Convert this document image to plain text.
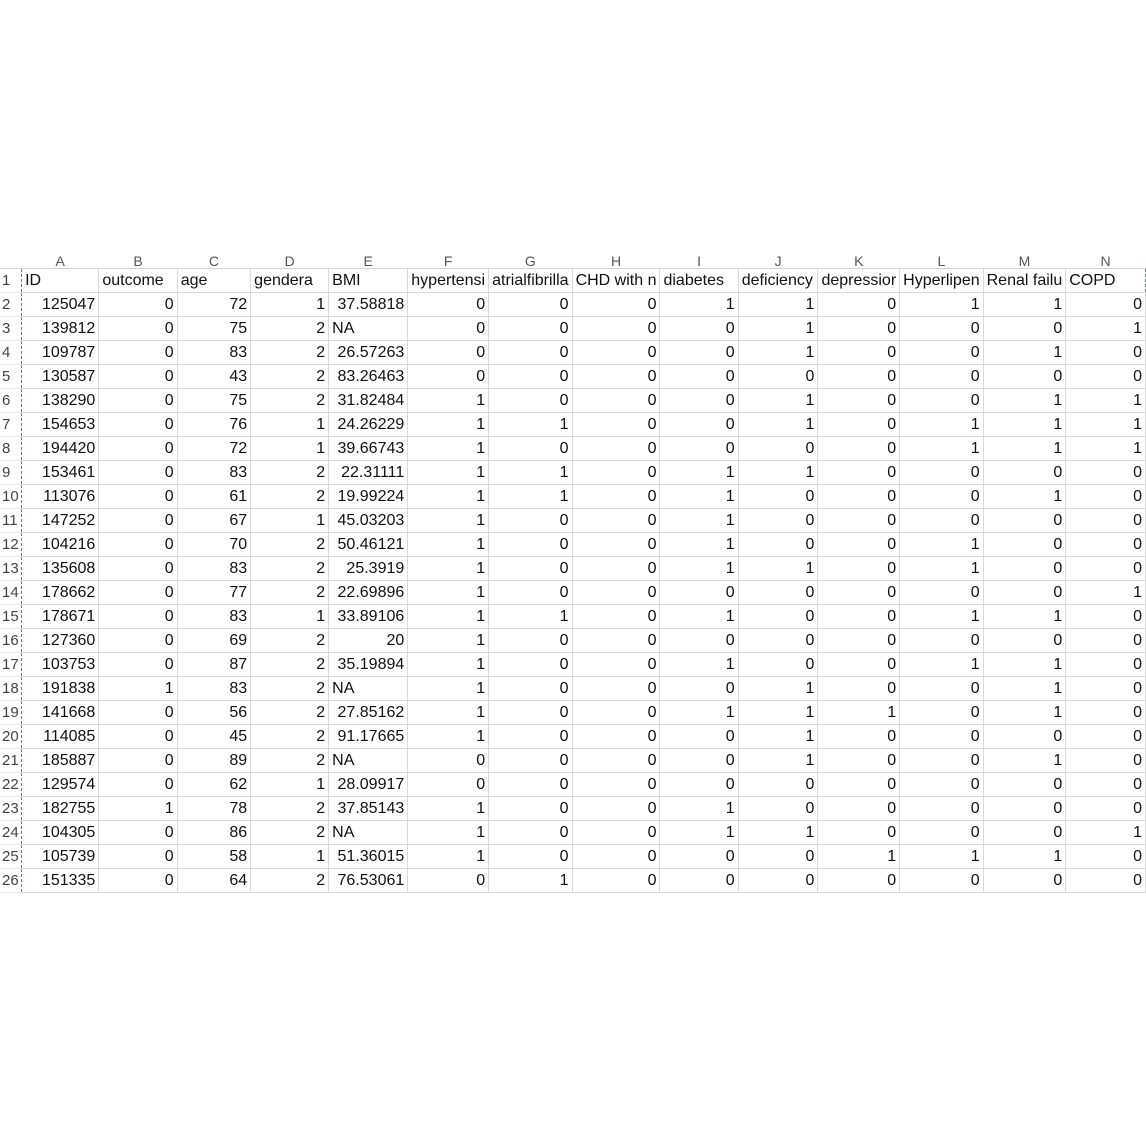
	A	B	C	D	E	F	G	H	I	J	K	L	M	N
1	ID	outcome	age	gendera	BMI	hypertensi	atrialfibrilla	CHD with n	diabetes	deficiency	depressior	Hyperlipen	Renal failu	COPD
2	125047	0	72	1	37.58818	0	0	0	1	1	0	1	1	0
3	139812	0	75	2	NA	0	0	0	0	1	0	0	0	1
4	109787	0	83	2	26.57263	0	0	0	0	1	0	0	1	0
5	130587	0	43	2	83.26463	0	0	0	0	0	0	0	0	0
6	138290	0	75	2	31.82484	1	0	0	0	1	0	0	1	1
7	154653	0	76	1	24.26229	1	1	0	0	1	0	1	1	1
8	194420	0	72	1	39.66743	1	0	0	0	0	0	1	1	1
9	153461	0	83	2	22.31111	1	1	0	1	1	0	0	0	0
10	113076	0	61	2	19.99224	1	1	0	1	0	0	0	1	0
11	147252	0	67	1	45.03203	1	0	0	1	0	0	0	0	0
12	104216	0	70	2	50.46121	1	0	0	1	0	0	1	0	0
13	135608	0	83	2	25.3919	1	0	0	1	1	0	1	0	0
14	178662	0	77	2	22.69896	1	0	0	0	0	0	0	0	1
15	178671	0	83	1	33.89106	1	1	0	1	0	0	1	1	0
16	127360	0	69	2	20	1	0	0	0	0	0	0	0	0
17	103753	0	87	2	35.19894	1	0	0	1	0	0	1	1	0
18	191838	1	83	2	NA	1	0	0	0	1	0	0	1	0
19	141668	0	56	2	27.85162	1	0	0	1	1	1	0	1	0
20	114085	0	45	2	91.17665	1	0	0	0	1	0	0	0	0
21	185887	0	89	2	NA	0	0	0	0	1	0	0	1	0
22	129574	0	62	1	28.09917	0	0	0	0	0	0	0	0	0
23	182755	1	78	2	37.85143	1	0	0	1	0	0	0	0	0
24	104305	0	86	2	NA	1	0	0	1	1	0	0	0	1
25	105739	0	58	1	51.36015	1	0	0	0	0	1	1	1	0
26	151335	0	64	2	76.53061	0	1	0	0	0	0	0	0	0
